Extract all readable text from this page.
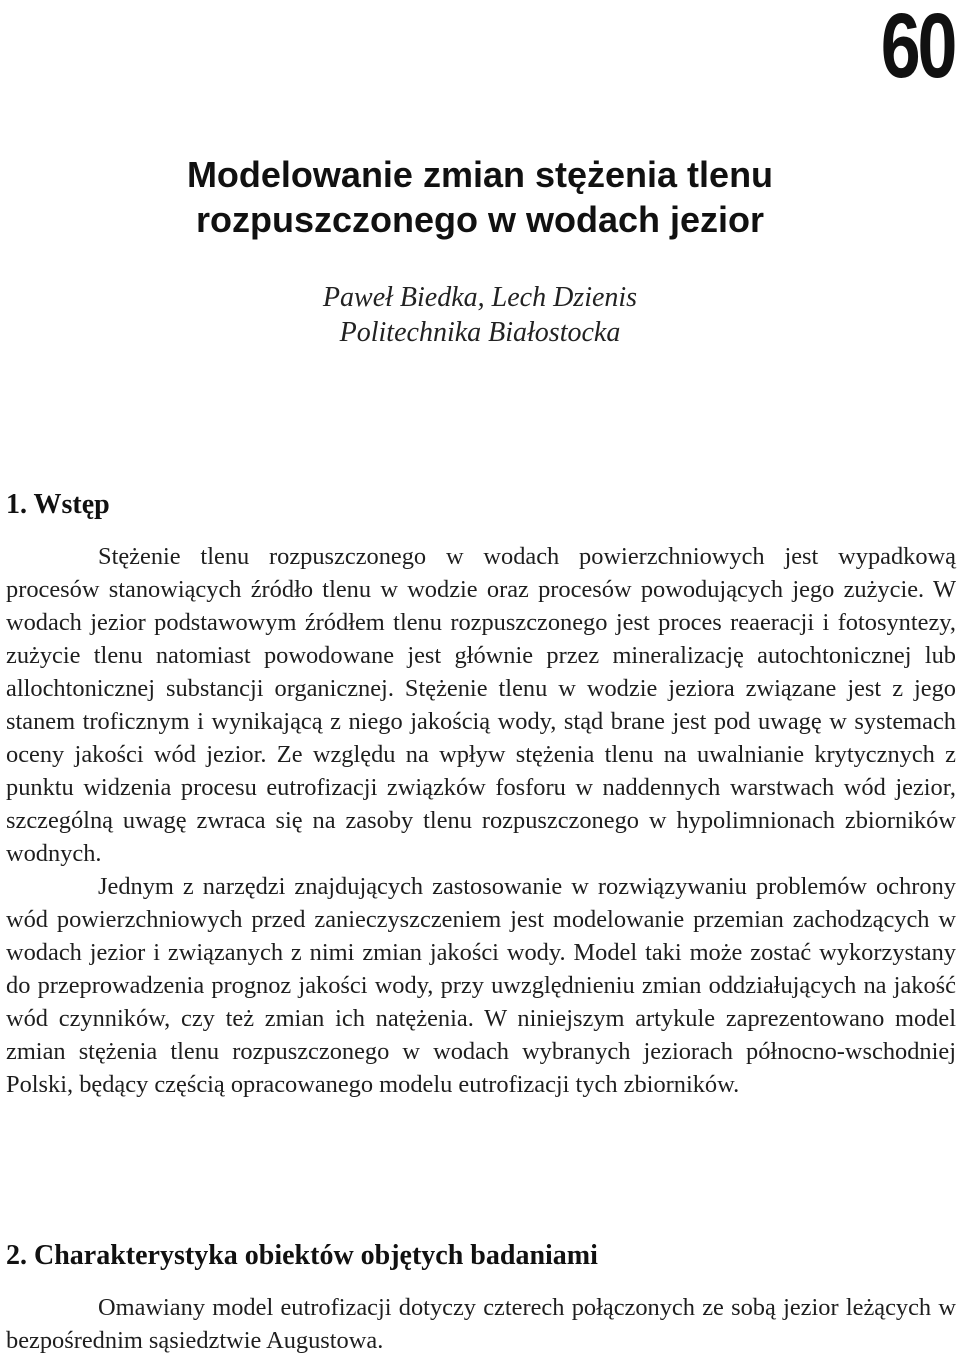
60
Modelowanie zmian stężenia tlenu
rozpuszczonego w wodach jezior
Paweł Biedka, Lech Dzienis
Politechnika Białostocka
1. Wstęp

Stężenie tlenu rozpuszczonego w wodach powierzchniowych jest wypadkową procesów stanowiących źródło tlenu w wodzie oraz procesów powodujących jego zużycie. W wodach jezior podstawowym źródłem tlenu rozpuszczonego jest proces reaeracji i fotosyntezy, zużycie tlenu natomiast powodowane jest głównie przez mineralizację autochtonicznej lub allochtonicznej substancji organicznej. Stężenie tlenu w wodzie jeziora związane jest z jego stanem troficznym i wynikającą z niego jakością wody, stąd brane jest pod uwagę w systemach oceny jakości wód jezior. Ze względu na wpływ stężenia tlenu na uwalnianie krytycznych z punktu widzenia procesu eutrofizacji związków fosforu w naddennych warstwach wód jezior, szczególną uwagę zwraca się na zasoby tlenu rozpuszczonego w hypolimnionach zbiorników wodnych.

Jednym z narzędzi znajdujących zastosowanie w rozwiązywaniu problemów ochrony wód powierzchniowych przed zanieczyszczeniem jest modelowanie przemian zachodzących w wodach jezior i związanych z nimi zmian jakości wody. Model taki może zostać wykorzystany do przeprowadzenia prognoz jakości wody, przy uwzględnieniu zmian oddziałujących na jakość wód czynników, czy też zmian ich natężenia. W niniejszym artykule zaprezentowano model zmian stężenia tlenu rozpuszczonego w wodach wybranych jeziorach północno-wschodniej Polski, będący częścią opracowanego modelu eutrofizacji tych zbiorników.

2. Charakterystyka obiektów objętych badaniami

Omawiany model eutrofizacji dotyczy czterech połączonych ze sobą jezior leżących w bezpośrednim sąsiedztwie Augustowa.
